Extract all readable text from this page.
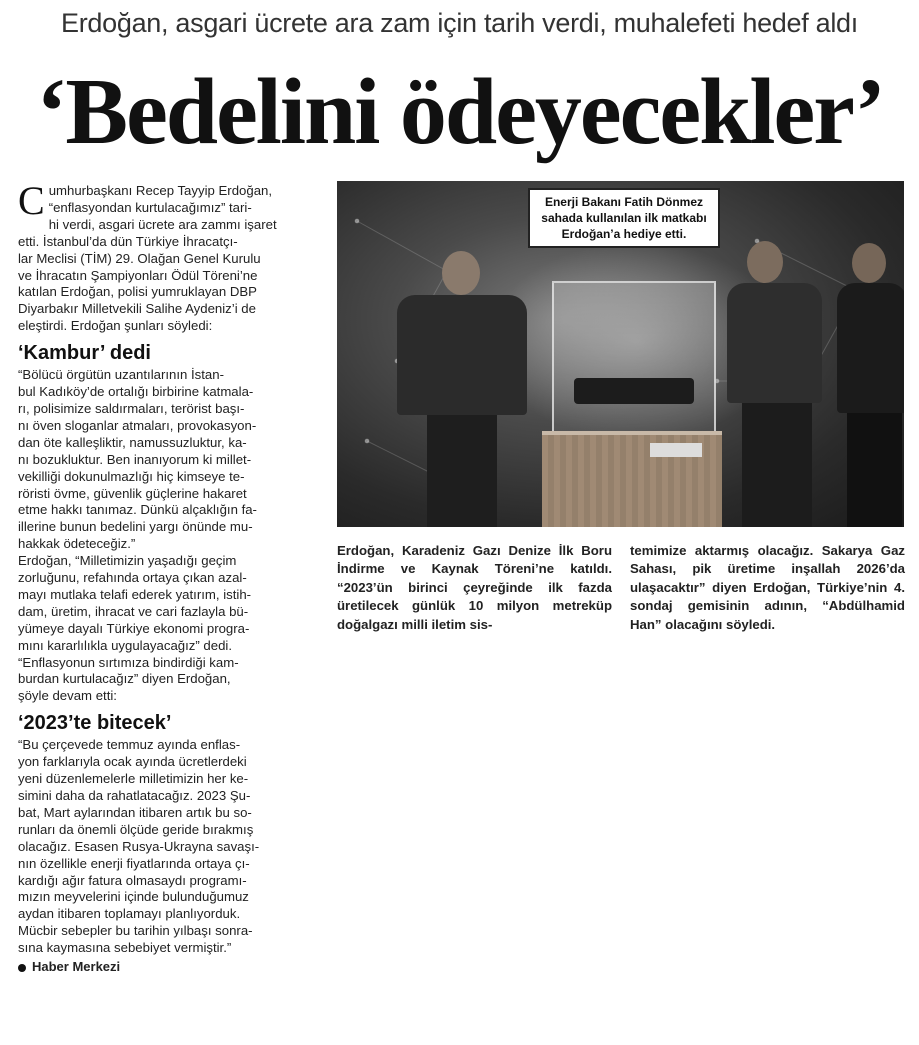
Erdoğan, asgari ücrete ara zam için tarih verdi, muhalefeti hedef aldı
‘Bedelini ödeyecekler’

C umhurbaşkanı Recep Tayyip Erdoğan,
“enflasyondan kurtulacağımız” tari-
hi verdi, asgari ücrete ara zammı işaret
etti. İstanbul’da dün Türkiye İhracatçı-
lar Meclisi (TİM) 29. Olağan Genel Kurulu
ve İhracatın Şampiyonları Ödül Töreni’ne
katılan Erdoğan, polisi yumruklayan DBP
Diyarbakır Milletvekili Salihe Aydeniz’i de
eleştirdi. Erdoğan şunları söyledi:

‘Kambur’ dedi

“Bölücü örgütün uzantılarının İstan-
bul Kadıköy’de ortalığı birbirine katmala-
rı, polisimize saldırmaları, terörist başı-
nı öven sloganlar atmaları, provokasyon-
dan öte kalleşliktir, namussuzluktur, ka-
nı bozukluktur. Ben inanıyorum ki millet-
vekilliği dokunulmazlığı hiç kimseye te-
röristi övme, güvenlik güçlerine hakaret
etme hakkı tanımaz. Dünkü alçaklığın fa-
illerine bunun bedelini yargı önünde mu-
hakkak ödeteceğiz.”
Erdoğan, “Milletimizin yaşadığı geçim
zorluğunu, refahında ortaya çıkan azal-
mayı mutlaka telafi ederek yatırım, istih-
dam, üretim, ihracat ve cari fazlayla bü-
yümeye dayalı Türkiye ekonomi progra-
mını kararlılıkla uygulayacağız” dedi.
“Enflasyonun sırtımıza bindirdiği kam-
burdan kurtulacağız” diyen Erdoğan,
şöyle devam etti:

‘2023’te bitecek’

“Bu çerçevede temmuz ayında enflas-
yon farklarıyla ocak ayında ücretlerdeki
yeni düzenlemelerle milletimizin her ke-
simini daha da rahatlatacağız. 2023 Şu-
bat, Mart aylarından itibaren artık bu so-
runları da önemli ölçüde geride bırakmış
olacağız. Esasen Rusya-Ukrayna savaşı-
nın özellikle enerji fiyatlarında ortaya çı-
kardığı ağır fatura olmasaydı programı-
mızın meyvelerini içinde bulunduğumuz
aydan itibaren toplamayı planlıyorduk.
Mücbir sebepler bu tarihin yılbaşı sonra-
sına kaymasına sebebiyet vermiştir.”

Haber Merkezi
Enerji Bakanı Fatih Dönmez sahada kullanılan ilk matkabı Erdoğan’a hediye etti.
Erdoğan, Karadeniz Gazı Denize İlk Boru İndirme ve Kaynak Töreni’ne katıldı. “2023’ün birinci çeyreğinde ilk fazda üretilecek günlük 10 milyon metreküp doğalgazı milli iletim sis-
temimize aktarmış olacağız. Sakarya Gaz Sahası, pik üretime inşallah 2026’da ulaşacaktır” diyen Erdoğan, Türkiye’nin 4. sondaj gemisinin adının, “Abdülhamid Han” olacağını söyledi.
